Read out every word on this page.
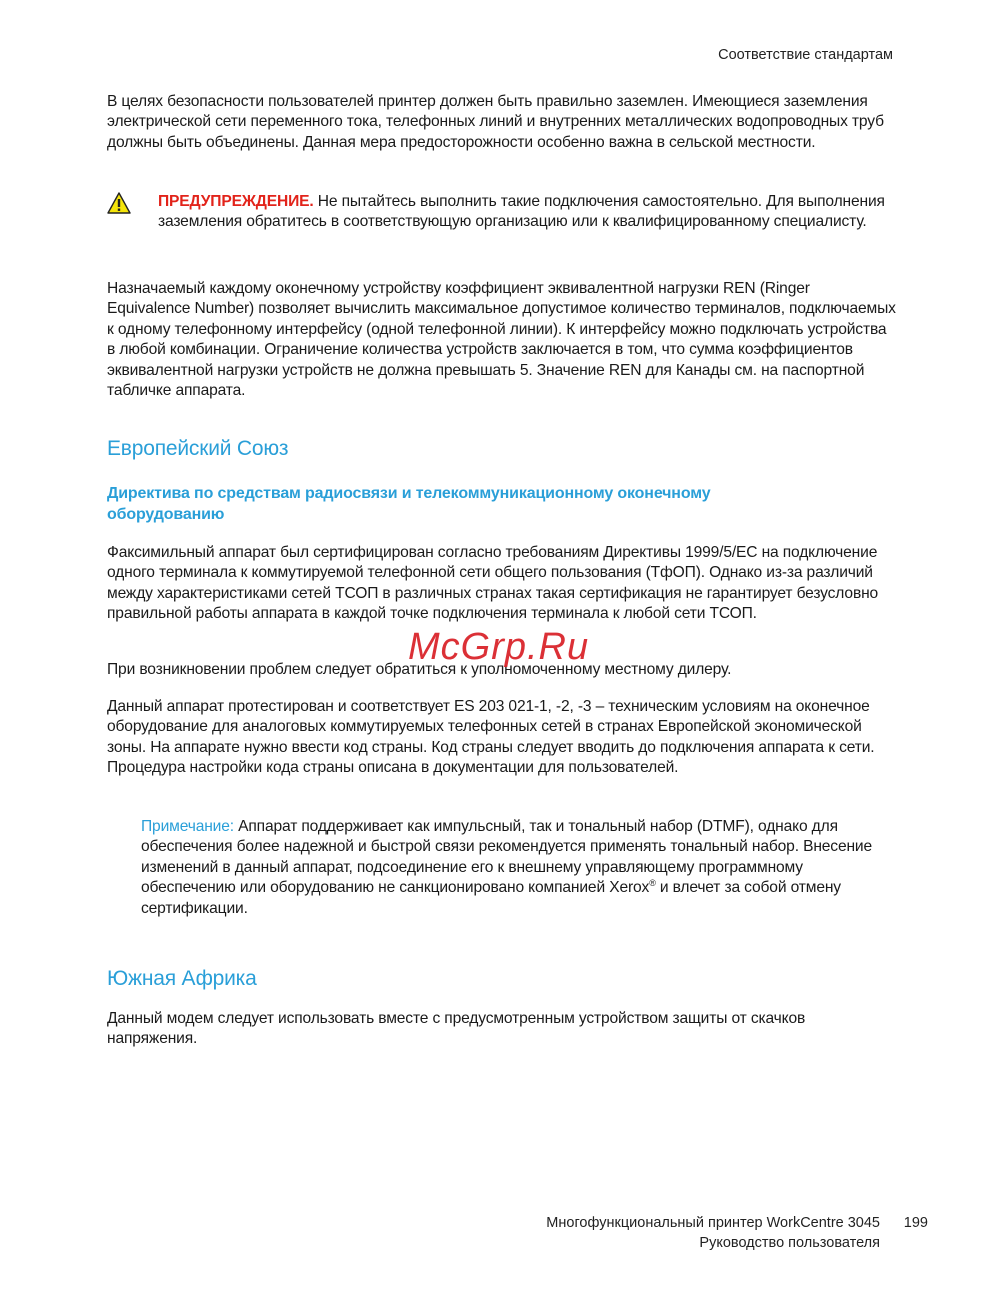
Соответствие стандартам

В целях безопасности пользователей принтер должен быть правильно заземлен. Имеющиеся заземления электрической сети переменного тока, телефонных линий и внутренних металлических водопроводных труб должны быть объединены. Данная мера предосторожности особенно важна в сельской местности.

ПРЕДУПРЕЖДЕНИЕ. Не пытайтесь выполнить такие подключения самостоятельно. Для выполнения заземления обратитесь в соответствующую организацию или к квалифицированному специалисту.

Назначаемый каждому оконечному устройству коэффициент эквивалентной нагрузки REN (Ringer Equivalence Number) позволяет вычислить максимальное допустимое количество терминалов, подключаемых к одному телефонному интерфейсу (одной телефонной линии). К интерфейсу можно подключать устройства в любой комбинации. Ограничение количества устройств заключается в том, что сумма коэффициентов эквивалентной нагрузки устройств не должна превышать 5. Значение REN для Канады см. на паспортной табличке аппарата.

Европейский Союз
Директива по средствам радиосвязи и телекоммуникационному оконечному оборудованию

Факсимильный аппарат был сертифицирован согласно требованиям Директивы 1999/5/EC на подключение одного терминала к коммутируемой телефонной сети общего пользования (ТфОП). Однако из-за различий между характеристиками сетей ТСОП в различных странах такая сертификация не гарантирует безусловно правильной работы аппарата в каждой точке подключения терминала к любой сети ТСОП.

При возникновении проблем следует обратиться к уполномоченному местному дилеру.

Данный аппарат протестирован и соответствует ES 203 021-1, -2, -3 – техническим условиям на оконечное оборудование для аналоговых коммутируемых телефонных сетей в странах Европейской экономической зоны. На аппарате нужно ввести код страны. Код страны следует вводить до подключения аппарата к сети. Процедура настройки кода страны описана в документации для пользователей.

Примечание: Аппарат поддерживает как импульсный, так и тональный набор (DTMF), однако для обеспечения более надежной и быстрой связи рекомендуется применять тональный набор. Внесение изменений в данный аппарат, подсоединение его к внешнему управляющему программному обеспечению или оборудованию не санкционировано компанией Xerox® и влечет за собой отмену сертификации.

Южная Африка

Данный модем следует использовать вместе с предусмотренным устройством защиты от скачков напряжения.

McGrp.Ru
Многофункциональный принтер WorkCentre 3045
Руководство пользователя
199
